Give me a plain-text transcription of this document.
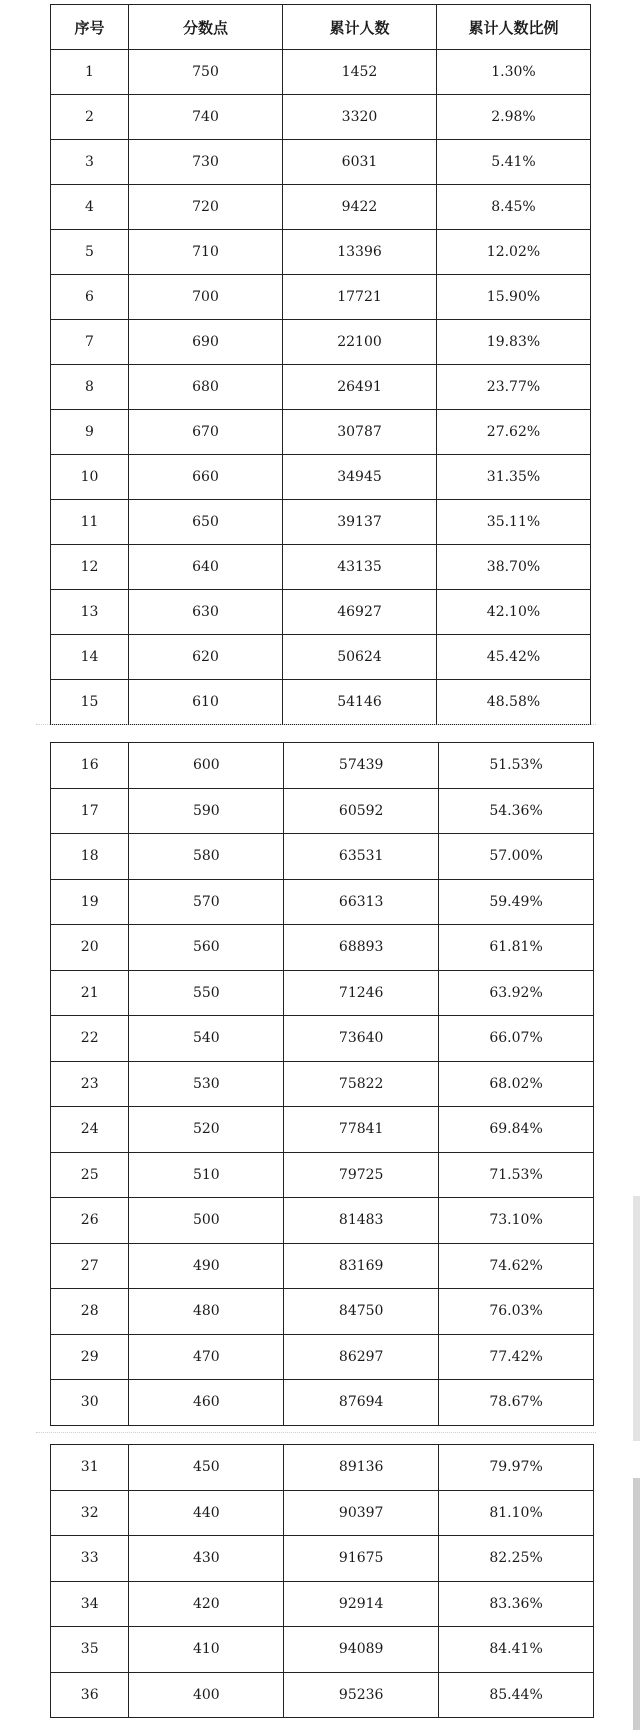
序号	分数点	累计人数	累计人数比例
1	750	1452	1.30%
2	740	3320	2.98%
3	730	6031	5.41%
4	720	9422	8.45%
5	710	13396	12.02%
6	700	17721	15.90%
7	690	22100	19.83%
8	680	26491	23.77%
9	670	30787	27.62%
10	660	34945	31.35%
11	650	39137	35.11%
12	640	43135	38.70%
13	630	46927	42.10%
14	620	50624	45.42%
15	610	54146	48.58%
16	600	57439	51.53%
17	590	60592	54.36%
18	580	63531	57.00%
19	570	66313	59.49%
20	560	68893	61.81%
21	550	71246	63.92%
22	540	73640	66.07%
23	530	75822	68.02%
24	520	77841	69.84%
25	510	79725	71.53%
26	500	81483	73.10%
27	490	83169	74.62%
28	480	84750	76.03%
29	470	86297	77.42%
30	460	87694	78.67%
31	450	89136	79.97%
32	440	90397	81.10%
33	430	91675	82.25%
34	420	92914	83.36%
35	410	94089	84.41%
36	400	95236	85.44%
